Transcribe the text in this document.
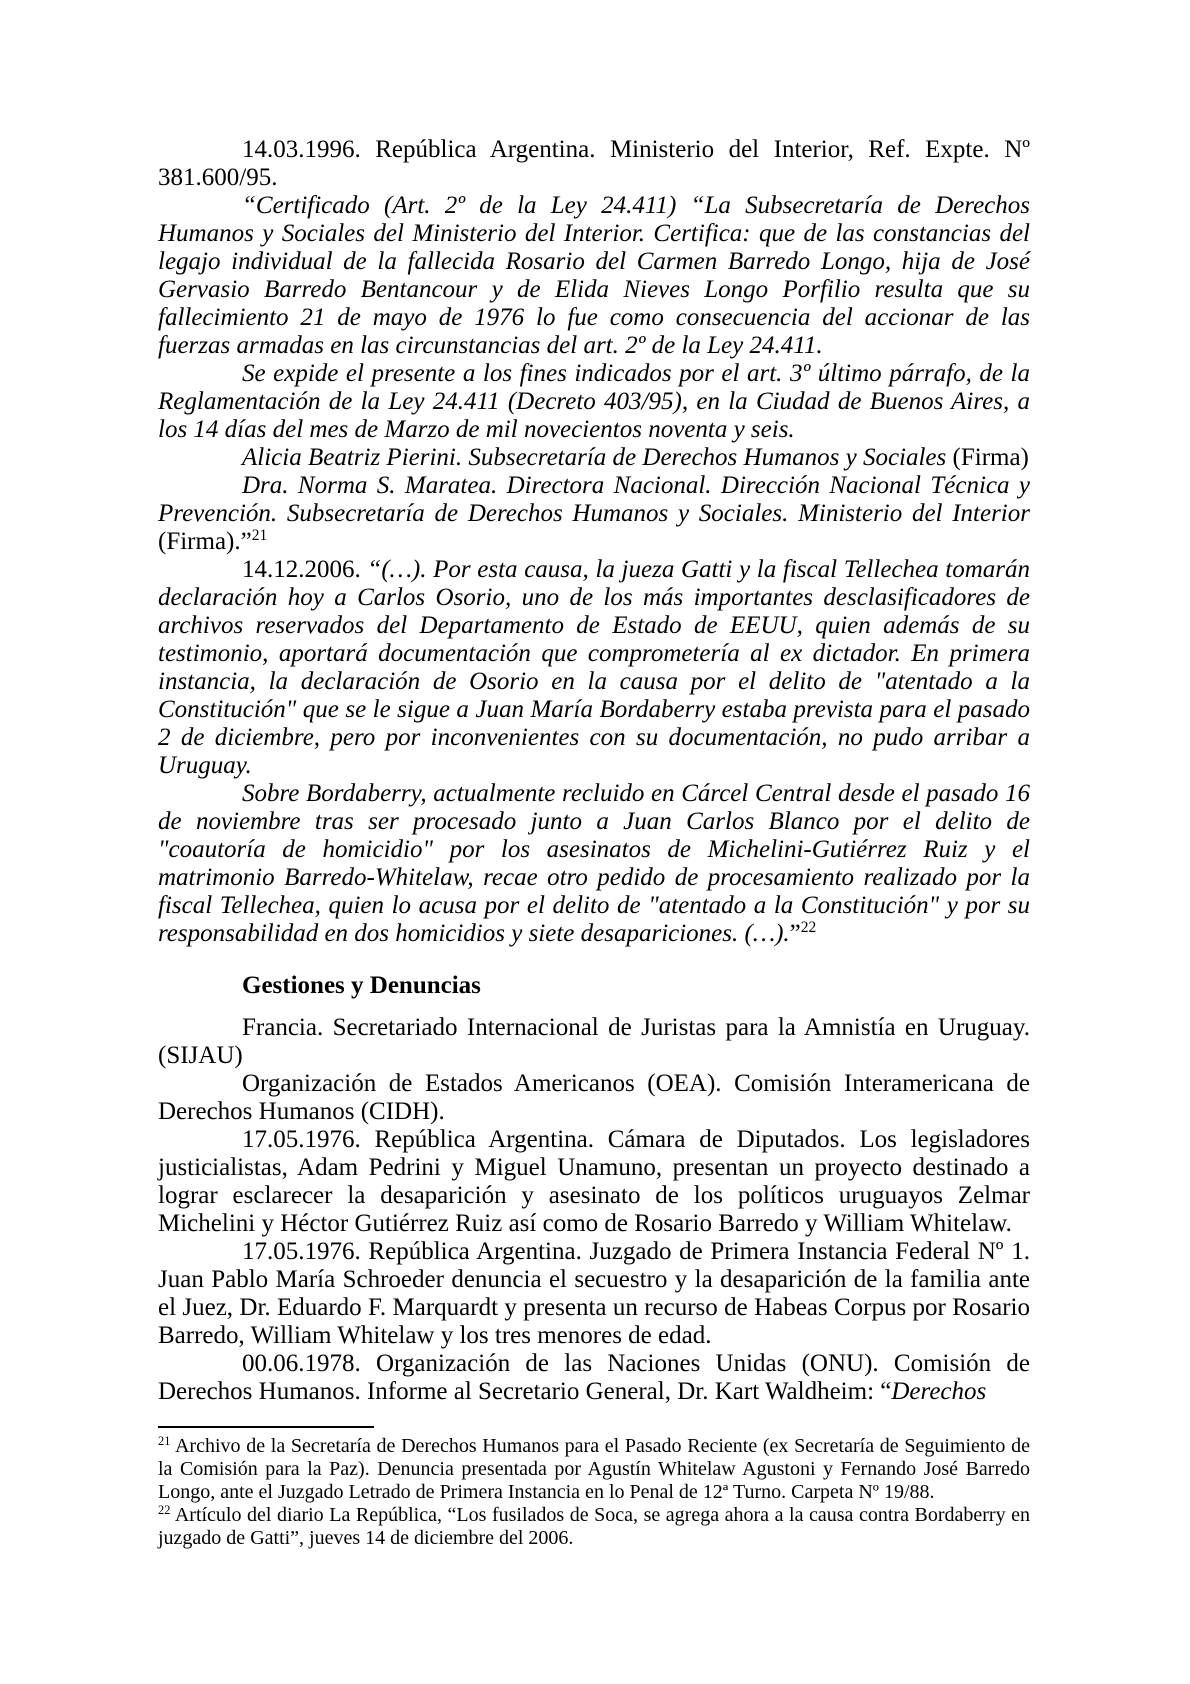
14.03.1996. República Argentina. Ministerio del Interior, Ref. Expte. Nº 381.600/95.

“Certificado (Art. 2º de la Ley 24.411) “La Subsecretaría de Derechos Humanos y Sociales del Ministerio del Interior. Certifica: que de las constancias del legajo individual de la fallecida Rosario del Carmen Barredo Longo, hija de José Gervasio Barredo Bentancour y de Elida Nieves Longo Porfilio resulta que su fallecimiento 21 de mayo de 1976 lo fue como consecuencia del accionar de las fuerzas armadas en las circunstancias del art. 2º de la Ley 24.411.

Se expide el presente a los fines indicados por el art. 3º último párrafo, de la Reglamentación de la Ley 24.411 (Decreto 403/95), en la Ciudad de Buenos Aires, a los 14 días del mes de Marzo de mil novecientos noventa y seis.

Alicia Beatriz Pierini. Subsecretaría de Derechos Humanos y Sociales (Firma)

Dra. Norma S. Maratea. Directora Nacional. Dirección Nacional Técnica y Prevención. Subsecretaría de Derechos Humanos y Sociales. Ministerio del Interior (Firma).”$^{21}$

14.12.2006. “(…). Por esta causa, la jueza Gatti y la fiscal Tellechea tomarán declaración hoy a Carlos Osorio, uno de los más importantes desclasificadores de archivos reservados del Departamento de Estado de EEUU, quien además de su testimonio, aportará documentación que comprometería al ex dictador. En primera instancia, la declaración de Osorio en la causa por el delito de "atentado a la Constitución" que se le sigue a Juan María Bordaberry estaba prevista para el pasado 2 de diciembre, pero por inconvenientes con su documentación, no pudo arribar a Uruguay.

Sobre Bordaberry, actualmente recluido en Cárcel Central desde el pasado 16 de noviembre tras ser procesado junto a Juan Carlos Blanco por el delito de "coautoría de homicidio" por los asesinatos de Michelini-Gutiérrez Ruiz y el matrimonio Barredo-Whitelaw, recae otro pedido de procesamiento realizado por la fiscal Tellechea, quien lo acusa por el delito de "atentado a la Constitución" y por su responsabilidad en dos homicidios y siete desapariciones. (…).”$^{22}$

Gestiones y Denuncias

Francia. Secretariado Internacional de Juristas para la Amnistía en Uruguay. (SIJAU)

Organización de Estados Americanos (OEA). Comisión Interamericana de Derechos Humanos (CIDH).

17.05.1976. República Argentina. Cámara de Diputados. Los legisladores justicialistas, Adam Pedrini y Miguel Unamuno, presentan un proyecto destinado a lograr esclarecer la desaparición y asesinato de los políticos uruguayos Zelmar Michelini y Héctor Gutiérrez Ruiz así como de Rosario Barredo y William Whitelaw.

17.05.1976. República Argentina. Juzgado de Primera Instancia Federal Nº 1. Juan Pablo María Schroeder denuncia el secuestro y la desaparición de la familia ante el Juez, Dr. Eduardo F. Marquardt y presenta un recurso de Habeas Corpus por Rosario Barredo, William Whitelaw y los tres menores de edad.

00.06.1978. Organización de las Naciones Unidas (ONU). Comisión de Derechos Humanos. Informe al Secretario General, Dr. Kart Waldheim: “Derechos

$^{21}$ Archivo de la Secretaría de Derechos Humanos para el Pasado Reciente (ex Secretaría de Seguimiento de la Comisión para la Paz). Denuncia presentada por Agustín Whitelaw Agustoni y Fernando José Barredo Longo, ante el Juzgado Letrado de Primera Instancia en lo Penal de 12ª Turno. Carpeta Nº 19/88.

$^{22}$ Artículo del diario La República, “Los fusilados de Soca, se agrega ahora a la causa contra Bordaberry en juzgado de Gatti”, jueves 14 de diciembre del 2006.
